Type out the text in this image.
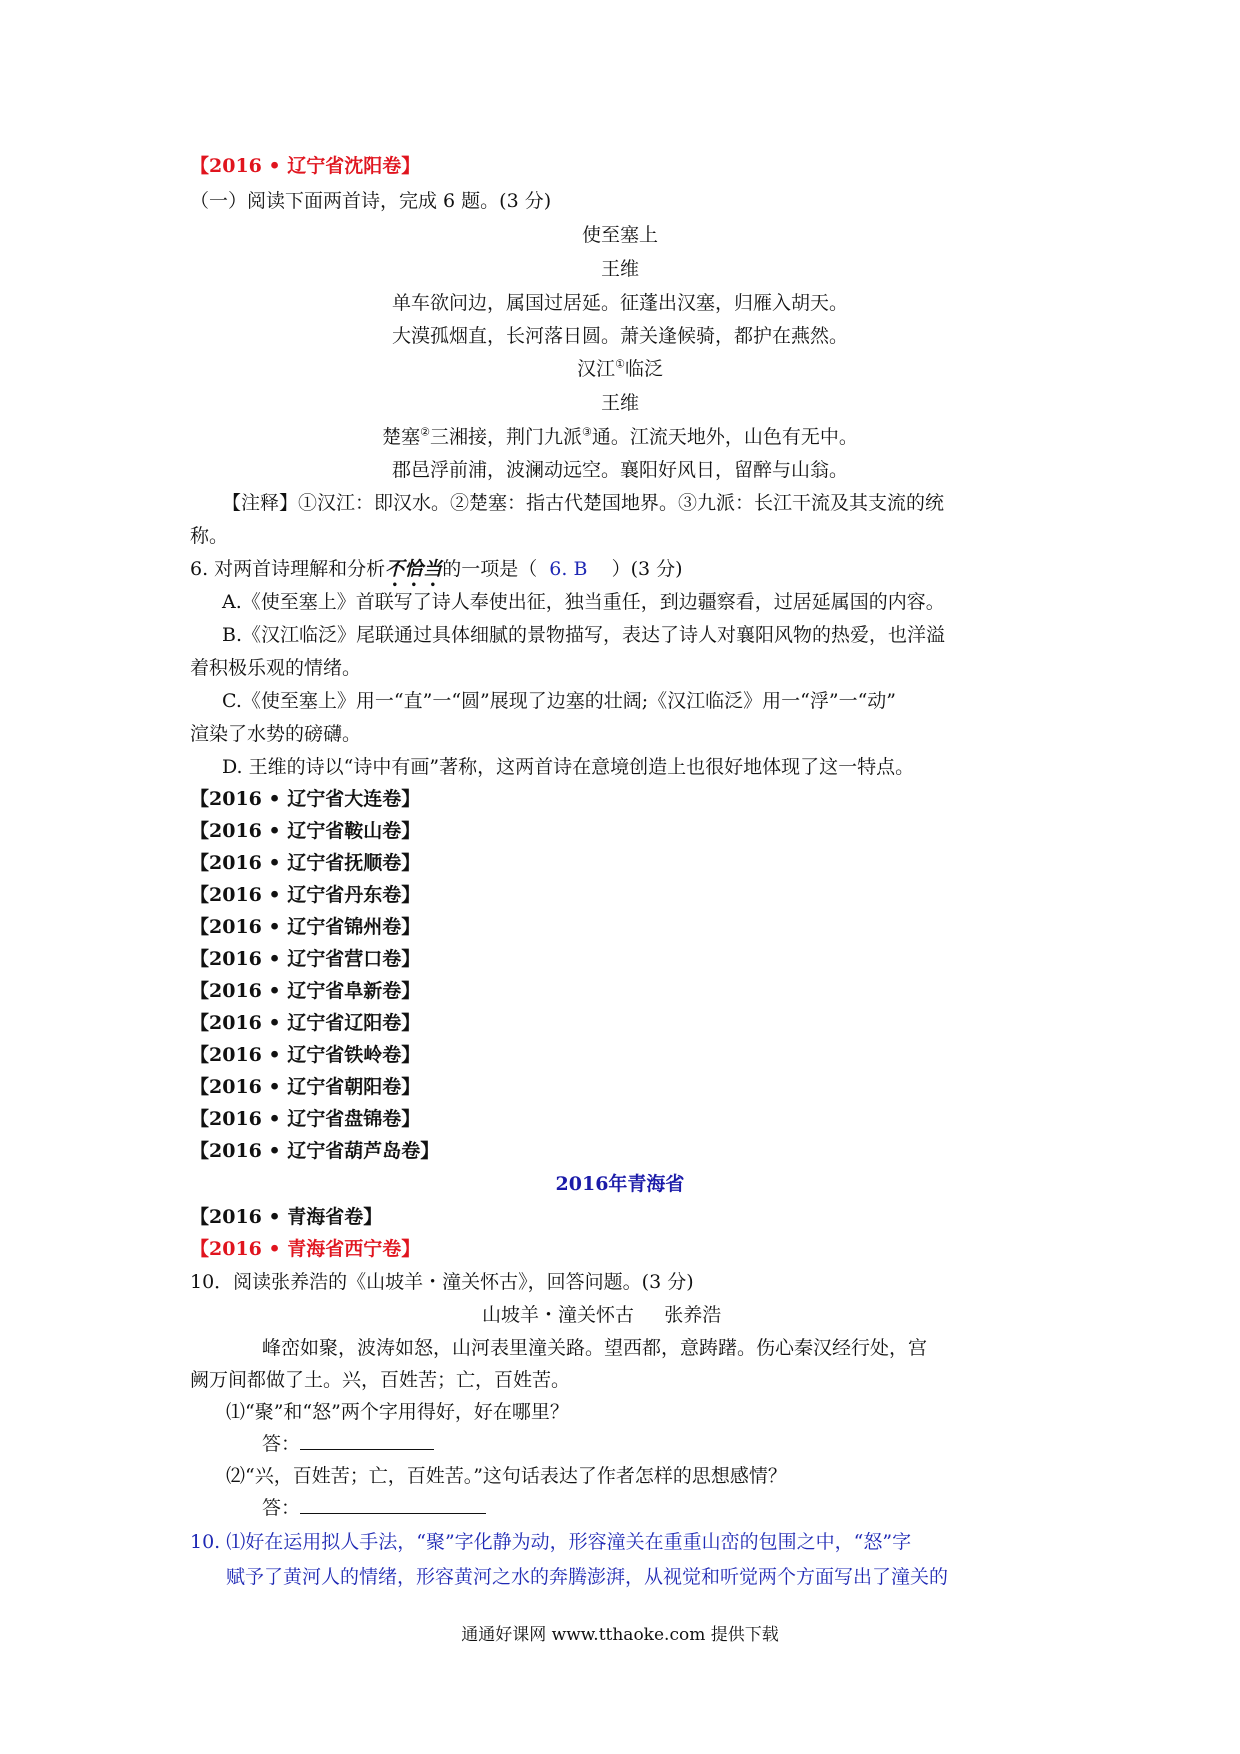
【2016 • 辽宁省沈阳卷】
（一）阅读下面两首诗，完成 6 题。(3 分)
使至塞上
王维
单车欲问边，属国过居延。征蓬出汉塞，归雁入胡天。
大漠孤烟直，长河落日圆。萧关逢候骑，都护在燕然。
汉江①临泛
王维
楚塞②三湘接，荆门九派③通。江流天地外，山色有无中。
郡邑浮前浦，波澜动远空。襄阳好风日，留醉与山翁。
【注释】①汉江：即汉水。②楚塞：指古代楚国地界。③九派：长江干流及其支流的统
称。
6. 对两首诗理解和分析不恰当的一项是（ 6. B ）(3 分)
A.《使至塞上》首联写了诗人奉使出征，独当重任，到边疆察看，过居延属国的内容。
B.《汉江临泛》尾联通过具体细腻的景物描写，表达了诗人对襄阳风物的热爱，也洋溢
着积极乐观的情绪。
C.《使至塞上》用一“直”一“圆”展现了边塞的壮阔;《汉江临泛》用一“浮”一“动”
渲染了水势的磅礴。
D. 王维的诗以“诗中有画”著称，这两首诗在意境创造上也很好地体现了这一特点。
【2016 • 辽宁省大连卷】
【2016 • 辽宁省鞍山卷】
【2016 • 辽宁省抚顺卷】
【2016 • 辽宁省丹东卷】
【2016 • 辽宁省锦州卷】
【2016 • 辽宁省营口卷】
【2016 • 辽宁省阜新卷】
【2016 • 辽宁省辽阳卷】
【2016 • 辽宁省铁岭卷】
【2016 • 辽宁省朝阳卷】
【2016 • 辽宁省盘锦卷】
【2016 • 辽宁省葫芦岛卷】
2016年青海省
【2016 • 青海省卷】
【2016 • 青海省西宁卷】
10．阅读张养浩的《山坡羊・潼关怀古》，回答问题。(3 分)
山坡羊・潼关怀古 张养浩
峰峦如聚，波涛如怒，山河表里潼关路。望西都，意踌躇。伤心秦汉经行处，宫
阙万间都做了土。兴，百姓苦；亡，百姓苦。
⑴“聚”和“怒”两个字用得好，好在哪里？
答：
⑵“兴，百姓苦；亡，百姓苦。”这句话表达了作者怎样的思想感情？
答：
10. ⑴好在运用拟人手法，“聚”字化静为动，形容潼关在重重山峦的包围之中，“怒”字
赋予了黄河人的情绪，形容黄河之水的奔腾澎湃，从视觉和听觉两个方面写出了潼关的
通通好课网 www.tthaoke.com 提供下载
